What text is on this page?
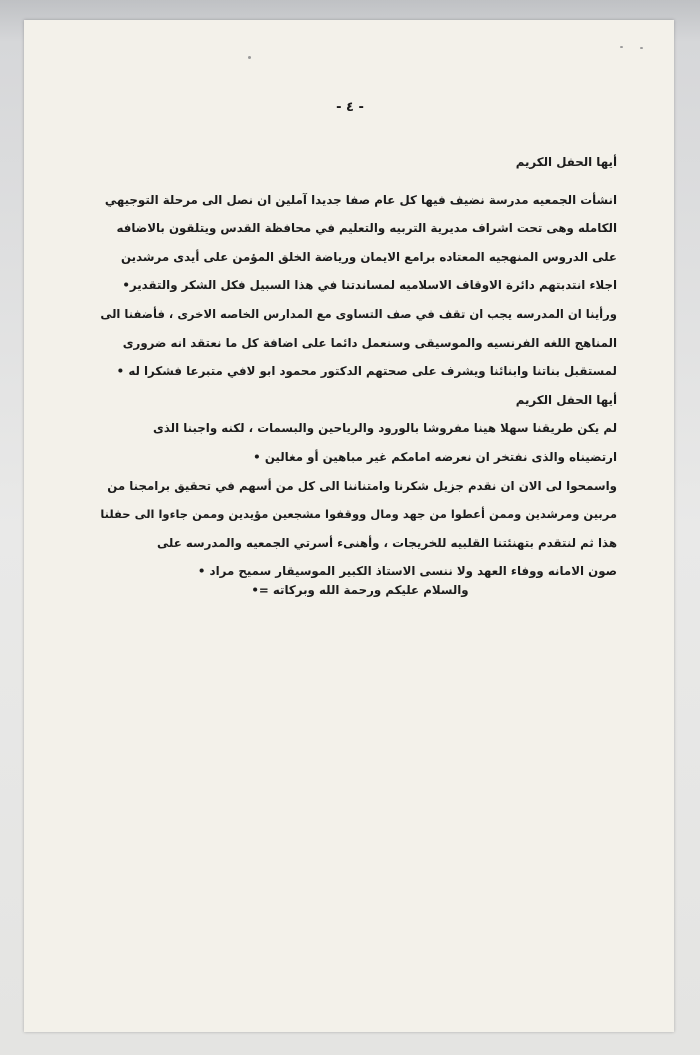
- ٤ -
أيها الحفل الكريم
انشأت الجمعيه مدرسة نضيف فيها كل عام صفا جديدا آملين ان نصل الى مرحلة التوجيهي
الكامله وهى تحت اشراف مديرية التربيه والتعليم في محافظة القدس ويتلقون بالاضافه
على الدروس المنهجيه المعتاده برامع الايمان ورياضة الخلق المؤمن على أيدى مرشدين
اجلاء انتدبتهم دائرة الاوقاف الاسلاميه لمساندتنا في هذا السبيل فكل الشكر والتقدير•
ورأينا ان المدرسه يجب ان تقف في صف التساوى مع المدارس الخاصه الاخرى ، فأضفنا الى
المناهج اللغه الفرنسيه والموسيقى وسنعمل دائما على اضافة كل ما نعتقد انه ضرورى
لمستقبل بناتنا وابنائنا ويشرف على صحتهم الدكتور محمود ابو لافي متبرعا فشكرا له •
أيها الحفل الكريم
لم يكن طريقنا سهلا هينا مفروشا بالورود والرياحين والبسمات ، لكنه واجبنا الذى
ارتضيناه والذى نفتخر ان نعرضه امامكم غير مباهين أو مغالين •
واسمحوا لى الان ان نقدم جزيل شكرنا وامتناننا الى كل من أسهم في تحقيق برامجنا من
مربين ومرشدين وممن أعطوا من جهد ومال ووقفوا مشجعين مؤيدين وممن جاءوا الى حفلنا
هذا ثم لنتقدم بتهنئتنا القلبيه للخريجات ، وأهنىء أسرتي الجمعيه والمدرسه على
صون الامانه ووفاء العهد ولا ننسى الاستاذ الكبير الموسيقار سميح مراد •
والسلام عليكم ورحمة الله وبركاته =•
